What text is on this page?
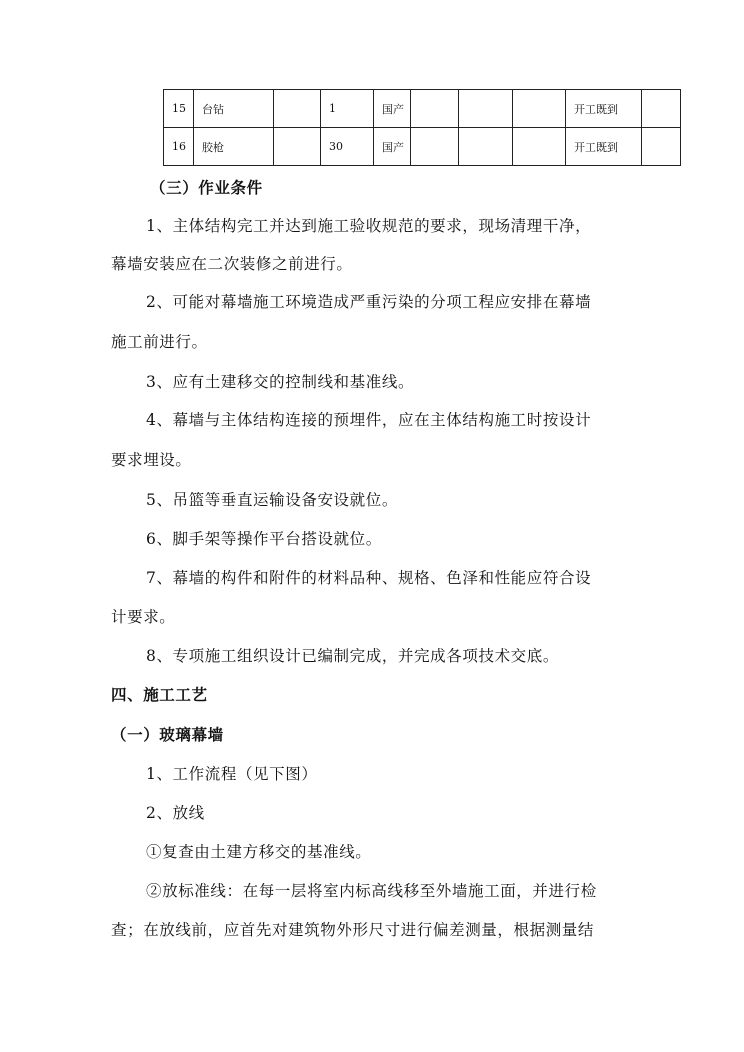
15	台钻		1	国产				开工既到	
16	胶枪		30	国产				开工既到	
（三）作业条件
1、主体结构完工并达到施工验收规范的要求，现场清理干净，
幕墙安装应在二次装修之前进行。
2、可能对幕墙施工环境造成严重污染的分项工程应安排在幕墙
施工前进行。
3、应有土建移交的控制线和基准线。
4、幕墙与主体结构连接的预埋件，应在主体结构施工时按设计
要求埋设。
5、吊篮等垂直运输设备安设就位。
6、脚手架等操作平台搭设就位。
7、幕墙的构件和附件的材料品种、规格、色泽和性能应符合设
计要求。
8、专项施工组织设计已编制完成，并完成各项技术交底。
四、施工工艺
（一）玻璃幕墙
1、工作流程（见下图）
2、放线
①复查由土建方移交的基准线。
②放标准线：在每一层将室内标高线移至外墙施工面，并进行检
查；在放线前，应首先对建筑物外形尺寸进行偏差测量，根据测量结
